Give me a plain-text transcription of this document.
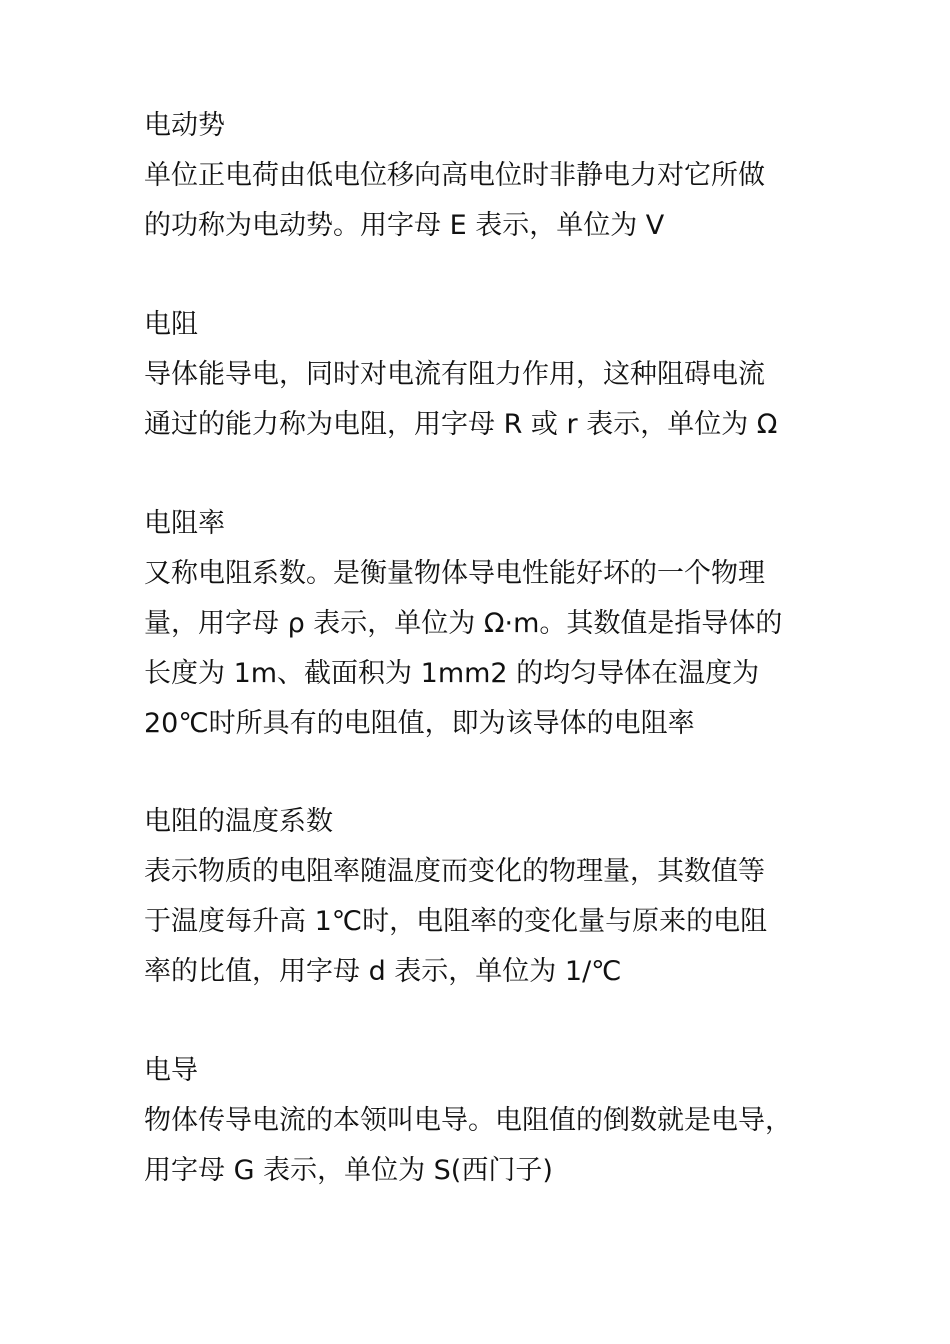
电动势

单位正电荷由低电位移向高电位时非静电力对它所做

的功称为电动势。用字母 E 表示，单位为 V

电阻

导体能导电，同时对电流有阻力作用，这种阻碍电流

通过的能力称为电阻，用字母 R 或 r 表示，单位为 Ω

电阻率

又称电阻系数。是衡量物体导电性能好坏的一个物理

量，用字母 ρ 表示，单位为 Ω·m。其数值是指导体的

长度为 1m、截面积为 1mm2 的均匀导体在温度为

20℃时所具有的电阻值，即为该导体的电阻率

电阻的温度系数

表示物质的电阻率随温度而变化的物理量，其数值等

于温度每升高 1℃时，电阻率的变化量与原来的电阻

率的比值，用字母 d 表示，单位为 1/℃

电导

物体传导电流的本领叫电导。电阻值的倒数就是电导，

用字母 G 表示，单位为 S(西门子)
